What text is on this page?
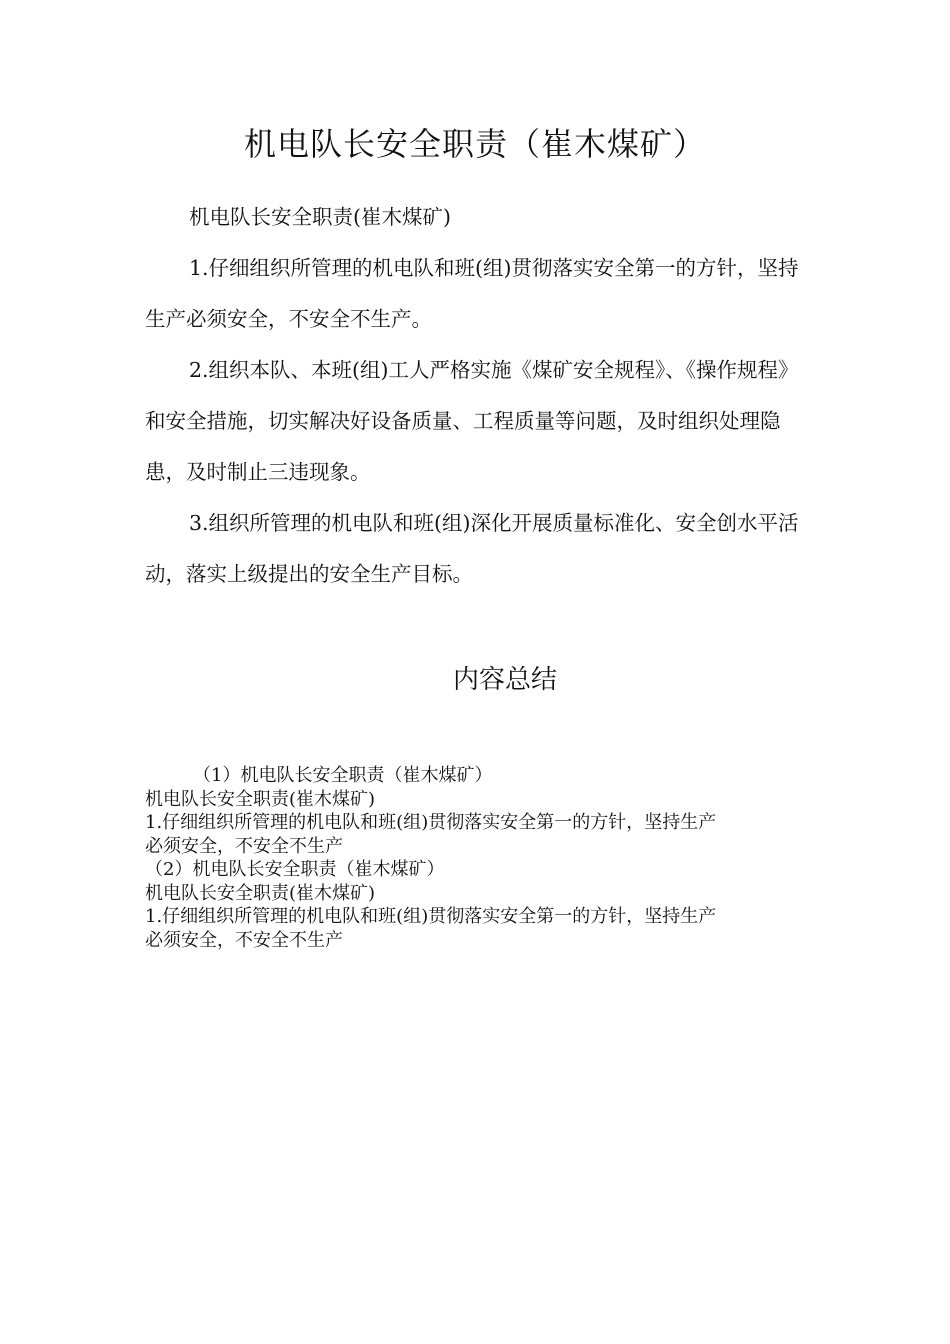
机电队长安全职责（崔木煤矿）

机电队长安全职责(崔木煤矿)

1.仔细组织所管理的机电队和班(组)贯彻落实安全第一的方针，坚持生产必须安全，不安全不生产。

2.组织本队、本班(组)工人严格实施《煤矿安全规程》、《操作规程》和安全措施，切实解决好设备质量、工程质量等问题，及时组织处理隐患，及时制止三违现象。

3.组织所管理的机电队和班(组)深化开展质量标准化、安全创水平活动，落实上级提出的安全生产目标。

内容总结

（1）机电队长安全职责（崔木煤矿）

机电队长安全职责(崔木煤矿)

1.仔细组织所管理的机电队和班(组)贯彻落实安全第一的方针，坚持生产

必须安全，不安全不生产

（2）机电队长安全职责（崔木煤矿）

机电队长安全职责(崔木煤矿)

1.仔细组织所管理的机电队和班(组)贯彻落实安全第一的方针，坚持生产

必须安全，不安全不生产
